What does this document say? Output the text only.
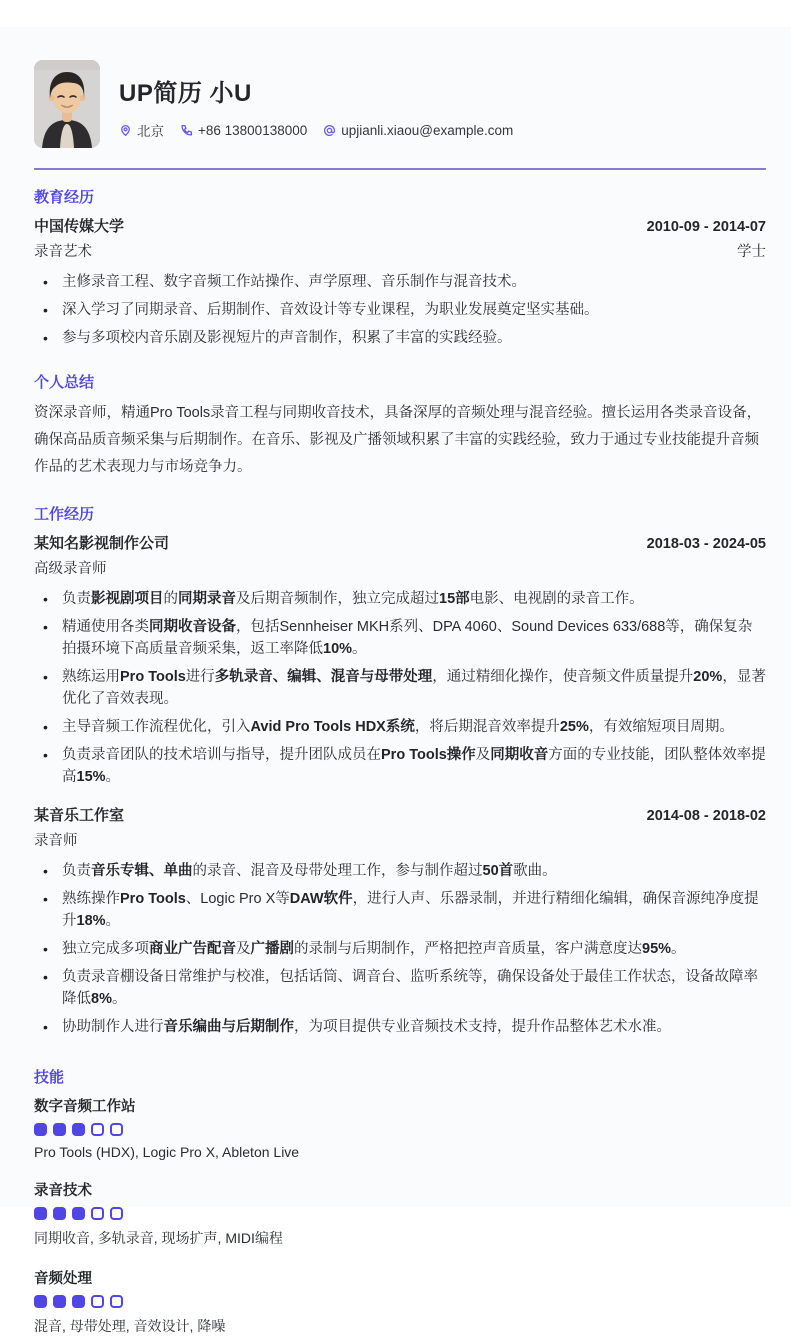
UP简历 小U
北京	+86 13800138000	upjianli.xiaou@example.com
教育经历
中国传媒大学	2010-09 - 2014-07
录音艺术	学士
• 主修录音工程、数字音频工作站操作、声学原理、音乐制作与混音技术。
• 深入学习了同期录音、后期制作、音效设计等专业课程，为职业发展奠定坚实基础。
• 参与多项校内音乐剧及影视短片的声音制作，积累了丰富的实践经验。
个人总结
资深录音师，精通Pro Tools录音工程与同期收音技术，具备深厚的音频处理与混音经验。擅长运用各类录音设备，确保高品质音频采集与后期制作。在音乐、影视及广播领域积累了丰富的实践经验，致力于通过专业技能提升音频作品的艺术表现力与市场竞争力。
工作经历
某知名影视制作公司	2018-03 - 2024-05
高级录音师
• 负责影视剧项目的同期录音及后期音频制作，独立完成超过15部电影、电视剧的录音工作。
• 精通使用各类同期收音设备，包括Sennheiser MKH系列、DPA 4060、Sound Devices 633/688等，确保复杂拍摄环境下高质量音频采集，返工率降低10%。
• 熟练运用Pro Tools进行多轨录音、编辑、混音与母带处理，通过精细化操作，使音频文件质量提升20%，显著优化了音效表现。
• 主导音频工作流程优化，引入Avid Pro Tools HDX系统，将后期混音效率提升25%，有效缩短项目周期。
• 负责录音团队的技术培训与指导，提升团队成员在Pro Tools操作及同期收音方面的专业技能，团队整体效率提高15%。
某音乐工作室	2014-08 - 2018-02
录音师
• 负责音乐专辑、单曲的录音、混音及母带处理工作，参与制作超过50首歌曲。
• 熟练操作Pro Tools、Logic Pro X等DAW软件，进行人声、乐器录制，并进行精细化编辑，确保音源纯净度提升18%。
• 独立完成多项商业广告配音及广播剧的录制与后期制作，严格把控声音质量，客户满意度达95%。
• 负责录音棚设备日常维护与校准，包括话筒、调音台、监听系统等，确保设备处于最佳工作状态，设备故障率降低8%。
• 协助制作人进行音乐编曲与后期制作，为项目提供专业音频技术支持，提升作品整体艺术水准。
技能
数字音频工作站
Pro Tools (HDX), Logic Pro X, Ableton Live
录音技术
同期收音, 多轨录音, 现场扩声, MIDI编程
音频处理
混音, 母带处理, 音效设计, 降噪
